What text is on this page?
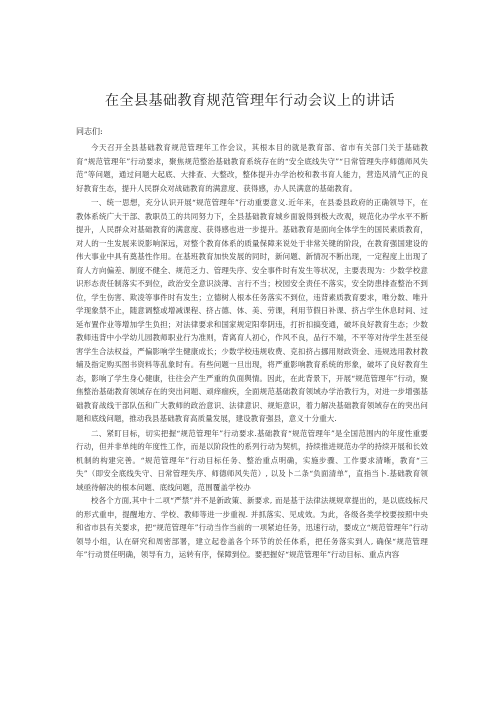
在全县基础教育规范管理年行动会议上的讲话

同志们:

今天召开全县基础教育规范管理年工作会议，其根本目的就是教育部、省市有关部门关于基础教育“规范管理年”行动要求，聚焦规范整治基础教育系统存在的“安全底线失守”“日常管理失序师德师风失范”等问题，通过问题大起底、大排查、大整改，整体提升办学治校和教书育人能力，营造风清气正的良好教育生态，提升人民群众对战础教育的满意度、获得感，办人民满意的基础教育。

一、统一思想，充分认识开展“规范管理年”行动重要意义.近年来，在县委县政府的正确领导下，在教体系统广大干部、教职员工的共同努力下，全县基础教育城乡面貌得到极大改观，规范化办学水平不断提升，人民群众对基础教育的满意度、获得感也进一步提升。基础教育是面向全体学生的国民素质教育，对人的一生发展来说影响深远，对整个教育体系的质量保障来说处于非常关键的阶段，在教育强国建设的伟大事业中具有奠基性作用。在基班教育加快发展的同时，新问题、新情况不断出现，一定程度上出现了育人方向偏差、制度不健全、规范乏力、管理失序、安全事件时有发生等状况，主要表现为：少数学校意识形态责任制落实不到位，政治安全意识淡薄、言行不当；校园安全责任不落实，安全防患排查整治不到位，学生伤害、欺凌等事件时有发生；立德树人根本任务落实不到位，违背素质教育要求，唯分数、唯升学现象禁不止，随意调整或增减课程、挤占德、体、美、劳课，利用节假日补课、挤占学生休息时间、过延布置作业等增加学生负担；对法律要求和国家规定阳奉阴违，打折扣搞变通，破坏良好教育生态；少数教师违背中小学幼儿园教师职业行为准则，背离育人初心，作风不良，品行不端，不平等对待学生甚至侵害学生合法权益，严偏影响学生健康成长；少数学校违规收费、克扣挤占挪用财政资金、违规选用教材教辅及指定购买图书资料等乱象时有。有些问题一旦出现，将严重影响教育系统的形象，破坏了良好教育生态，影响了学生身心健康，往往会产生严重的负面舆情。因此，在此背景下，开展“规范管理年”行动，聚焦整治基础教育领域存在的突出问题、顽痒痼疾，全面规范基础教育领域办学治教行为，对进一步增强基础教育战线干部队伍和广大教师的政治意识、法律意识、规矩意识，着力解决基础教育领域存在的突出问题和底线问题，推动我县基础教育高质量发展，建设教育强县，意义十分重大.

二、紧盯目标，切实把握“规范管理年”行动要求.基础教育“规范管理年”是全国范围内的年度性重要行动，但并非单纯的年度性工作，而是以阶段性的系列行动为契机，持续推进规范办学的持续开展和长效机制的构建完善。“规范管理年”行动目标任务、整治重点明确，实施步骤、工作要求清晰，教育“三失”（即安全底线失守、日常管理失序、师德师风失范）, 以及卜二条“负面清单”，直指当卜.基础教育领域亟待解决的根本问题、底线问题，范围覆盖学校办

校各个方面,其中十二项“严禁”并不是新政策、新要求, 而是基于法律法规规章提出的，是以底线标尺的形式重申，提醒地方、学校、教师等进一步重视. 并抓落实、见成效。为此，各级各类学校要按照中央和省市县有关要求，把“规范管理年”行动当作当前的一项紧迫任务，迅速行动，要成立“规范管理年”行动领导小组，认在研究和周密部署，建立起卷盖各个环节的於任体系，把任务落实到人, 确保“规范管理年”行动贯任明确，领导有力，运转有序，保障到位。要把握好“规范管理年”行动目标、重点内容
